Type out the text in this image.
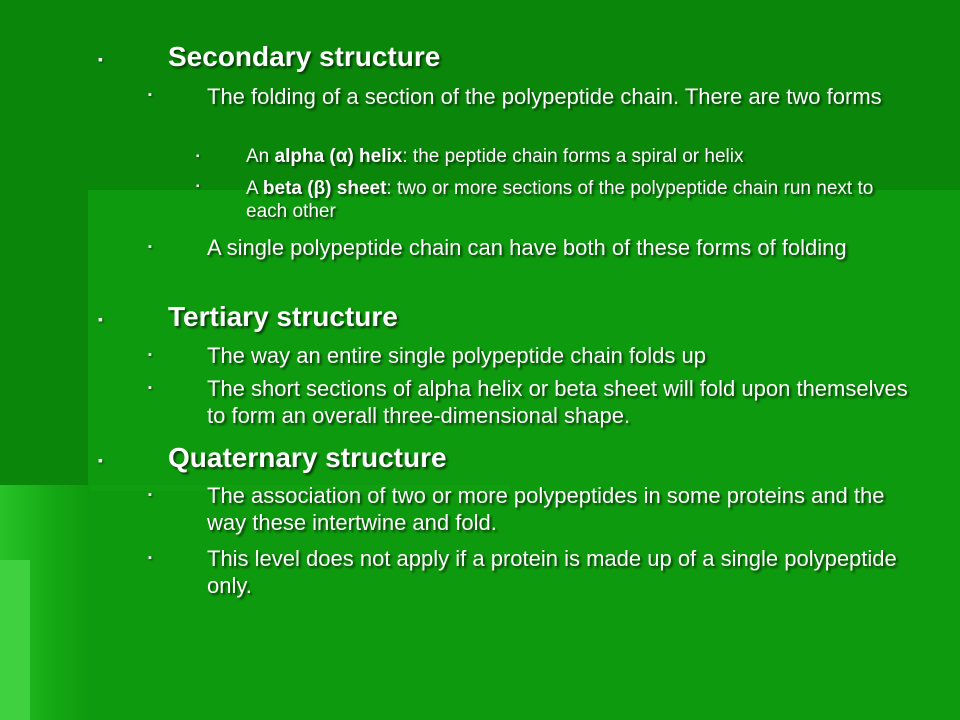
▪ Secondary structure
▪	The folding of a section of the polypeptide chain. There are two forms
▪ An alpha (α) helix: the peptide chain forms a spiral or helix
▪ A beta (β) sheet: two or more sections of the polypeptide chain run next to each other
▪	A single polypeptide chain can have both of these forms of folding
▪ Tertiary structure
▪	The way an entire single polypeptide chain folds up
▪	The short sections of alpha helix or beta sheet will fold upon themselves to form an overall three-dimensional shape.
▪ Quaternary structure
▪	The association of two or more polypeptides in some proteins and the way these intertwine and fold.
▪	This level does not apply if a protein is made up of a single polypeptide only.
